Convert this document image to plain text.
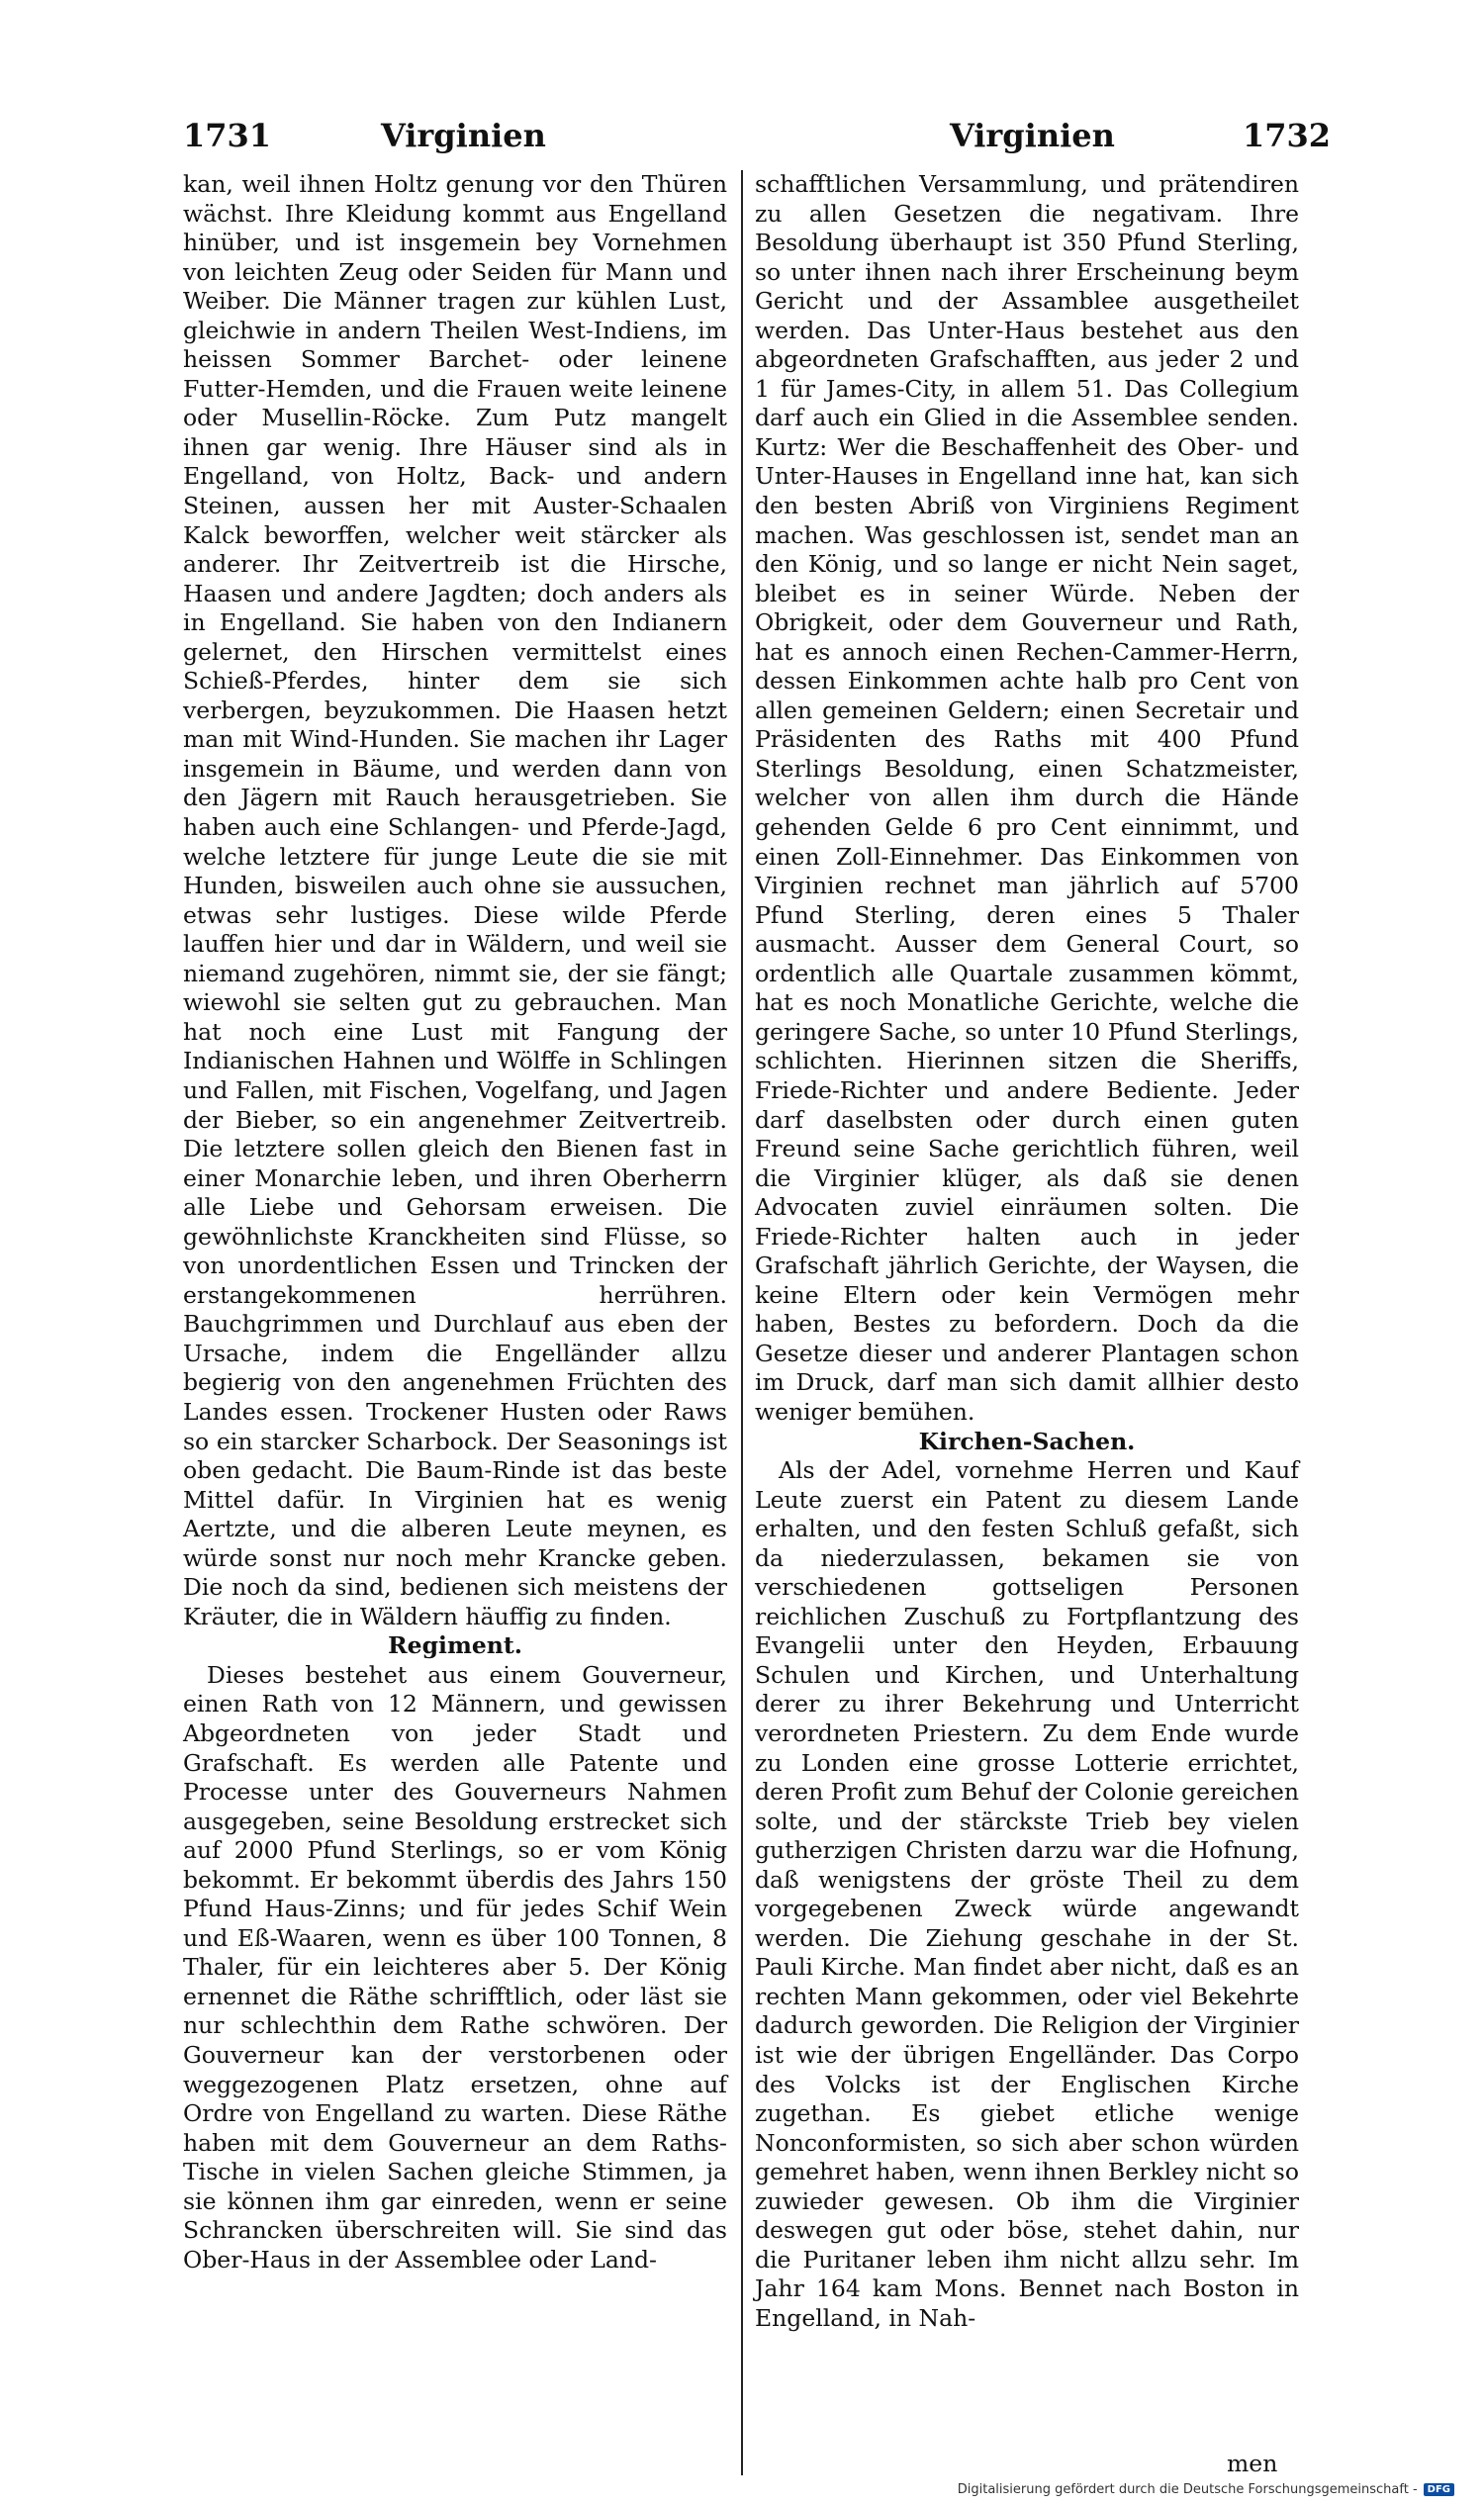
1731	Virginien	Virginien	1732

kan, weil ihnen Holtz genung vor den Thüren wächst. Ihre Kleidung kommt aus Engelland hinüber, und ist insgemein bey Vornehmen von leichten Zeug oder Seiden für Mann und Weiber. Die Männer tragen zur kühlen Lust, gleichwie in andern Theilen West-Indiens, im heissen Sommer Barchet- oder leinene Futter-Hemden, und die Frauen weite leinene oder Musellin-Röcke. Zum Putz mangelt ihnen gar wenig. Ihre Häuser sind als in Engelland, von Holtz, Back- und andern Steinen, aussen her mit Auster-Schaalen Kalck beworffen, welcher weit stärcker als anderer. Ihr Zeitvertreib ist die Hirsche, Haasen und andere Jagdten; doch anders als in Engelland. Sie haben von den Indianern gelernet, den Hirschen vermittelst eines Schieß-Pferdes, hinter dem sie sich verbergen, beyzukommen. Die Haasen hetzt man mit Wind-Hunden. Sie machen ihr Lager insgemein in Bäume, und werden dann von den Jägern mit Rauch herausgetrieben. Sie haben auch eine Schlangen- und Pferde-Jagd, welche letztere für junge Leute die sie mit Hunden, bisweilen auch ohne sie aussuchen, etwas sehr lustiges. Diese wilde Pferde lauffen hier und dar in Wäldern, und weil sie niemand zugehören, nimmt sie, der sie fängt; wiewohl sie selten gut zu gebrauchen. Man hat noch eine Lust mit Fangung der Indianischen Hahnen und Wölffe in Schlingen und Fallen, mit Fischen, Vogelfang, und Jagen der Bieber, so ein angenehmer Zeitvertreib. Die letztere sollen gleich den Bienen fast in einer Monarchie leben, und ihren Oberherrn alle Liebe und Gehorsam erweisen. Die gewöhnlichste Kranckheiten sind Flüsse, so von unordentlichen Essen und Trincken der erstangekommenen herrühren. Bauchgrimmen und Durchlauf aus eben der Ursache, indem die Engelländer allzu begierig von den angenehmen Früchten des Landes essen. Trockener Husten oder Raws so ein starcker Scharbock. Der Seasonings ist oben gedacht. Die Baum-Rinde ist das beste Mittel dafür. In Virginien hat es wenig Aertzte, und die alberen Leute meynen, es würde sonst nur noch mehr Krancke geben. Die noch da sind, bedienen sich meistens der Kräuter, die in Wäldern häuffig zu finden.

Regiment.

Dieses bestehet aus einem Gouverneur, einen Rath von 12 Männern, und gewissen Abgeordneten von jeder Stadt und Grafschaft. Es werden alle Patente und Processe unter des Gouverneurs Nahmen ausgegeben, seine Besoldung erstrecket sich auf 2000 Pfund Sterlings, so er vom König bekommt. Er bekommt überdis des Jahrs 150 Pfund Haus-Zinns; und für jedes Schif Wein und Eß-Waaren, wenn es über 100 Tonnen, 8 Thaler, für ein leichteres aber 5. Der König ernennet die Räthe schrifftlich, oder läst sie nur schlechthin dem Rathe schwören. Der Gouverneur kan der verstorbenen oder weggezogenen Platz ersetzen, ohne auf Ordre von Engelland zu warten. Diese Räthe haben mit dem Gouverneur an dem Raths-Tische in vielen Sachen gleiche Stimmen, ja sie können ihm gar einreden, wenn er seine Schrancken überschreiten will. Sie sind das Ober-Haus in der Assemblee oder Land-

schafftlichen Versammlung, und prätendiren zu allen Gesetzen die negativam. Ihre Besoldung überhaupt ist 350 Pfund Sterling, so unter ihnen nach ihrer Erscheinung beym Gericht und der Assamblee ausgetheilet werden. Das Unter-Haus bestehet aus den abgeordneten Grafschafften, aus jeder 2 und 1 für James-City, in allem 51. Das Collegium darf auch ein Glied in die Assemblee senden. Kurtz: Wer die Beschaffenheit des Ober- und Unter-Hauses in Engelland inne hat, kan sich den besten Abriß von Virginiens Regiment machen. Was geschlossen ist, sendet man an den König, und so lange er nicht Nein saget, bleibet es in seiner Würde. Neben der Obrigkeit, oder dem Gouverneur und Rath, hat es annoch einen Rechen-Cammer-Herrn, dessen Einkommen achte halb pro Cent von allen gemeinen Geldern; einen Secretair und Präsidenten des Raths mit 400 Pfund Sterlings Besoldung, einen Schatzmeister, welcher von allen ihm durch die Hände gehenden Gelde 6 pro Cent einnimmt, und einen Zoll-Einnehmer. Das Einkommen von Virginien rechnet man jährlich auf 5700 Pfund Sterling, deren eines 5 Thaler ausmacht. Ausser dem General Court, so ordentlich alle Quartale zusammen kömmt, hat es noch Monatliche Gerichte, welche die geringere Sache, so unter 10 Pfund Sterlings, schlichten. Hierinnen sitzen die Sheriffs, Friede-Richter und andere Bediente. Jeder darf daselbsten oder durch einen guten Freund seine Sache gerichtlich führen, weil die Virginier klüger, als daß sie denen Advocaten zuviel einräumen solten. Die Friede-Richter halten auch in jeder Grafschaft jährlich Gerichte, der Waysen, die keine Eltern oder kein Vermögen mehr haben, Bestes zu befordern. Doch da die Gesetze dieser und anderer Plantagen schon im Druck, darf man sich damit allhier desto weniger bemühen.

Kirchen-Sachen.

Als der Adel, vornehme Herren und Kauf Leute zuerst ein Patent zu diesem Lande erhalten, und den festen Schluß gefaßt, sich da niederzulassen, bekamen sie von verschiedenen gottseligen Personen reichlichen Zuschuß zu Fortpflantzung des Evangelii unter den Heyden, Erbauung Schulen und Kirchen, und Unterhaltung derer zu ihrer Bekehrung und Unterricht verordneten Priestern. Zu dem Ende wurde zu Londen eine grosse Lotterie errichtet, deren Profit zum Behuf der Colonie gereichen solte, und der stärckste Trieb bey vielen gutherzigen Christen darzu war die Hofnung, daß wenigstens der gröste Theil zu dem vorgegebenen Zweck würde angewandt werden. Die Ziehung geschahe in der St. Pauli Kirche. Man findet aber nicht, daß es an rechten Mann gekommen, oder viel Bekehrte dadurch geworden. Die Religion der Virginier ist wie der übrigen Engelländer. Das Corpo des Volcks ist der Englischen Kirche zugethan. Es giebet etliche wenige Nonconformisten, so sich aber schon würden gemehret haben, wenn ihnen Berkley nicht so zuwieder gewesen. Ob ihm die Virginier deswegen gut oder böse, stehet dahin, nur die Puritaner leben ihm nicht allzu sehr. Im Jahr 164 kam Mons. Bennet nach Boston in Engelland, in Nah-

men
Digitalisierung gefördert durch die Deutsche Forschungsgemeinschaft -	DFG
